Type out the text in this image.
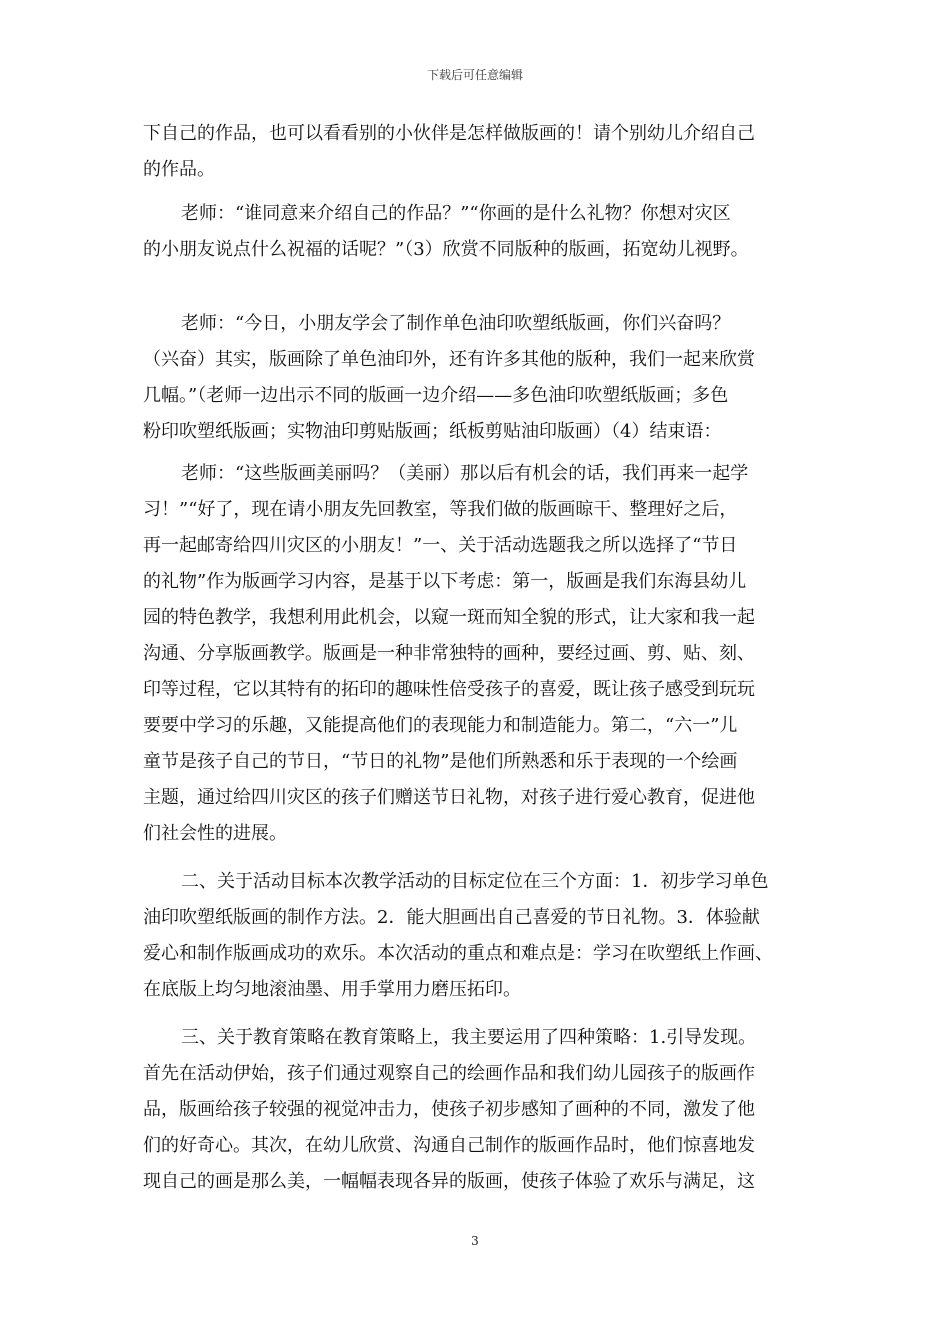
下载后可任意编辑
下自己的作品，也可以看看别的小伙伴是怎样做版画的！请个别幼儿介绍自己
的作品。
老师：“谁同意来介绍自己的作品？”“你画的是什么礼物？你想对灾区
的小朋友说点什么祝福的话呢？”（3）欣赏不同版种的版画，拓宽幼儿视野。
老师：“今日，小朋友学会了制作单色油印吹塑纸版画，你们兴奋吗？
（兴奋）其实，版画除了单色油印外，还有许多其他的版种，我们一起来欣赏
几幅。”（老师一边出示不同的版画一边介绍——多色油印吹塑纸版画；多色
粉印吹塑纸版画；实物油印剪贴版画；纸板剪贴油印版画）（4）结束语：
老师：“这些版画美丽吗？（美丽）那以后有机会的话，我们再来一起学
习！”“好了，现在请小朋友先回教室，等我们做的版画晾干、整理好之后，
再一起邮寄给四川灾区的小朋友！”一、关于活动选题我之所以选择了“节日
的礼物”作为版画学习内容，是基于以下考虑：第一，版画是我们东海县幼儿
园的特色教学，我想利用此机会，以窥一斑而知全貌的形式，让大家和我一起
沟通、分享版画教学。版画是一种非常独特的画种，要经过画、剪、贴、刻、
印等过程，它以其特有的拓印的趣味性倍受孩子的喜爱，既让孩子感受到玩玩
要要中学习的乐趣，又能提高他们的表现能力和制造能力。第二，“六一”儿
童节是孩子自己的节日，“节日的礼物”是他们所熟悉和乐于表现的一个绘画
主题，通过给四川灾区的孩子们赠送节日礼物，对孩子进行爱心教育，促进他
们社会性的进展。
二、关于活动目标本次教学活动的目标定位在三个方面：1．初步学习单色
油印吹塑纸版画的制作方法。2．能大胆画出自己喜爱的节日礼物。3．体验献
爱心和制作版画成功的欢乐。本次活动的重点和难点是：学习在吹塑纸上作画、
在底版上均匀地滚油墨、用手掌用力磨压拓印。
三、关于教育策略在教育策略上，我主要运用了四种策略：1.引导发现。
首先在活动伊始，孩子们通过观察自己的绘画作品和我们幼儿园孩子的版画作
品，版画给孩子较强的视觉冲击力，使孩子初步感知了画种的不同，激发了他
们的好奇心。其次，在幼儿欣赏、沟通自己制作的版画作品时，他们惊喜地发
现自己的画是那么美，一幅幅表现各异的版画，使孩子体验了欢乐与满足，这
3
